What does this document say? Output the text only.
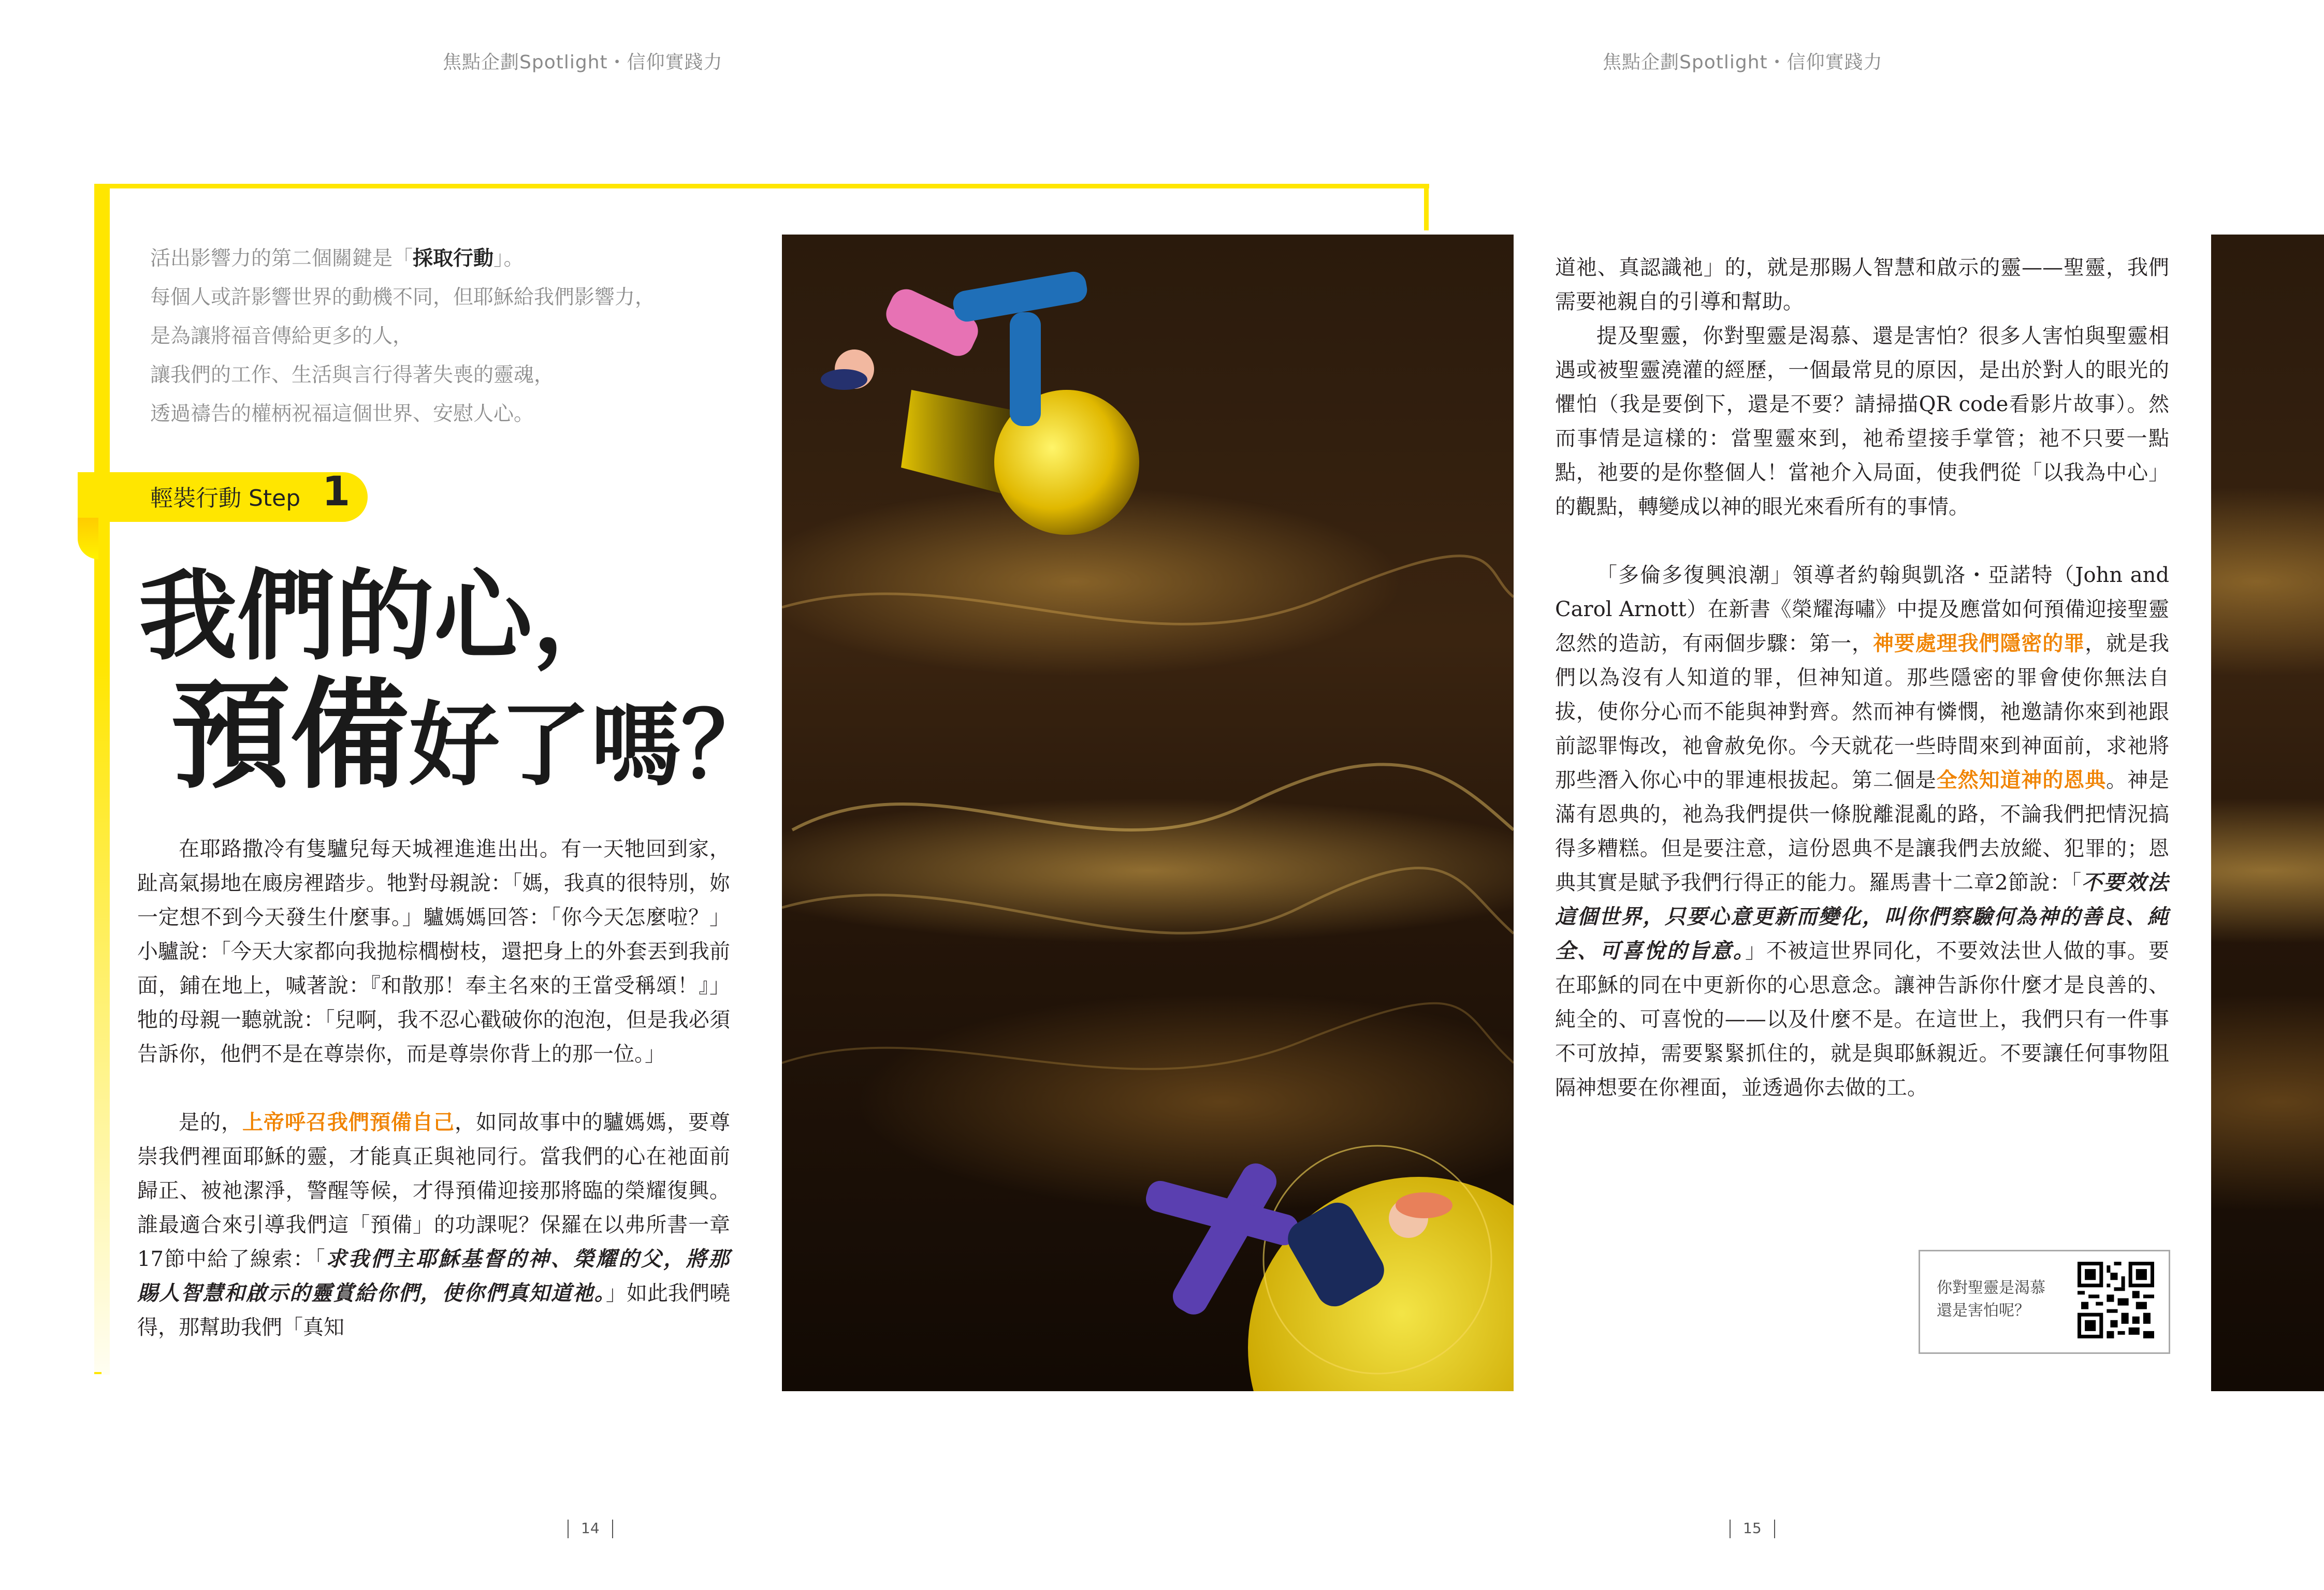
焦點企劃Spotlight・信仰實踐力	焦點企劃Spotlight・信仰實踐力
活出影響力的第二個關鍵是「採取行動」。
每個人或許影響世界的動機不同，但耶穌給我們影響力，
是為讓將福音傳給更多的人，
讓我們的工作、生活與言行得著失喪的靈魂，
透過禱告的權柄祝福這個世界、安慰人心。
輕裝行動 Step 1
我們的心，
預備好了嗎？

在耶路撒冷有隻驢兒每天城裡進進出出。有一天牠回到家，趾高氣揚地在廄房裡踏步。牠對母親說：「媽，我真的很特別，妳一定想不到今天發生什麼事。」驢媽媽回答：「你今天怎麼啦？」小驢說：「今天大家都向我拋棕櫚樹枝，還把身上的外套丟到我前面，鋪在地上，喊著說：『和散那！奉主名來的王當受稱頌！』」牠的母親一聽就說：「兒啊，我不忍心戳破你的泡泡，但是我必須告訴你，他們不是在尊崇你，而是尊崇你背上的那一位。」

是的，上帝呼召我們預備自己，如同故事中的驢媽媽，要尊崇我們裡面耶穌的靈，才能真正與祂同行。當我們的心在祂面前歸正、被祂潔淨，警醒等候，才得預備迎接那將臨的榮耀復興。誰最適合來引導我們這「預備」的功課呢？保羅在以弗所書一章17節中給了線索：「求我們主耶穌基督的神、榮耀的父，將那賜人智慧和啟示的靈賞給你們，使你們真知道祂。」如此我們曉得，那幫助我們「真知

道祂、真認識祂」的，就是那賜人智慧和啟示的靈——聖靈，我們需要祂親自的引導和幫助。

提及聖靈，你對聖靈是渴慕、還是害怕？很多人害怕與聖靈相遇或被聖靈澆灌的經歷，一個最常見的原因，是出於對人的眼光的懼怕（我是要倒下，還是不要？請掃描QR code看影片故事）。然而事情是這樣的：當聖靈來到，祂希望接手掌管；祂不只要一點點，祂要的是你整個人！當祂介入局面，使我們從「以我為中心」的觀點，轉變成以神的眼光來看所有的事情。

「多倫多復興浪潮」領導者約翰與凱洛・亞諾特（John and Carol Arnott）在新書《榮耀海嘯》中提及應當如何預備迎接聖靈忽然的造訪，有兩個步驟：第一，神要處理我們隱密的罪，就是我們以為沒有人知道的罪，但神知道。那些隱密的罪會使你無法自拔，使你分心而不能與神對齊。然而神有憐憫，祂邀請你來到祂跟前認罪悔改，祂會赦免你。今天就花一些時間來到神面前，求祂將那些潛入你心中的罪連根拔起。第二個是全然知道神的恩典。神是滿有恩典的，祂為我們提供一條脫離混亂的路，不論我們把情況搞得多糟糕。但是要注意，這份恩典不是讓我們去放縱、犯罪的；恩典其實是賦予我們行得正的能力。羅馬書十二章2節說：「不要效法這個世界，只要心意更新而變化，叫你們察驗何為神的善良、純全、可喜悅的旨意。」不被這世界同化，不要效法世人做的事。要在耶穌的同在中更新你的心思意念。讓神告訴你什麼才是良善的、純全的、可喜悅的——以及什麼不是。在這世上，我們只有一件事不可放掉，需要緊緊抓住的，就是與耶穌親近。不要讓任何事物阻隔神想要在你裡面，並透過你去做的工。

你對聖靈是渴慕
還是害怕呢？
14	15
